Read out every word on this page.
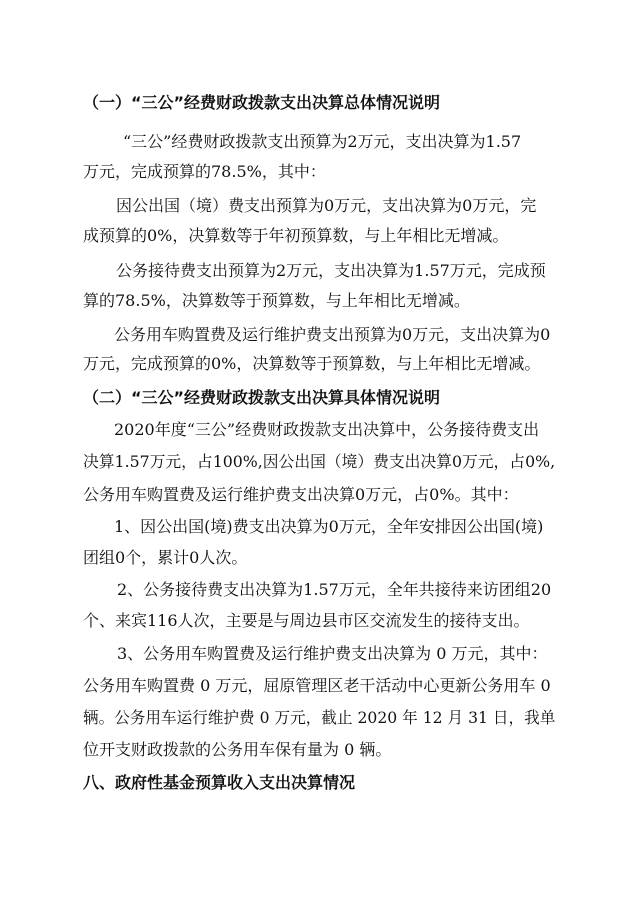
（一）“三公”经费财政拨款支出决算总体情况说明
“三公”经费财政拨款支出预算为2万元，支出决算为1.57
万元，完成预算的78.5%，其中：
因公出国（境）费支出预算为0万元，支出决算为0万元，完
成预算的0%，决算数等于年初预算数，与上年相比无增减。
公务接待费支出预算为2万元，支出决算为1.57万元，完成预
算的78.5%，决算数等于预算数，与上年相比无增减。
公务用车购置费及运行维护费支出预算为0万元，支出决算为0
万元，完成预算的0%，决算数等于预算数，与上年相比无增减。
（二）“三公”经费财政拨款支出决算具体情况说明
2020年度“三公”经费财政拨款支出决算中，公务接待费支出
决算1.57万元，占100%,因公出国（境）费支出决算0万元，占0%,
公务用车购置费及运行维护费支出决算0万元，占0%。其中：
1、因公出国(境)费支出决算为0万元，全年安排因公出国(境)
团组0个，累计0人次。
2、公务接待费支出决算为1.57万元，全年共接待来访团组20
个、来宾116人次，主要是与周边县市区交流发生的接待支出。
3、公务用车购置费及运行维护费支出决算为 0 万元，其中：
公务用车购置费 0 万元，屈原管理区老干活动中心更新公务用车 0
辆。公务用车运行维护费 0 万元，截止 2020 年 12 月 31 日，我单
位开支财政拨款的公务用车保有量为 0 辆。
八、政府性基金预算收入支出决算情况
